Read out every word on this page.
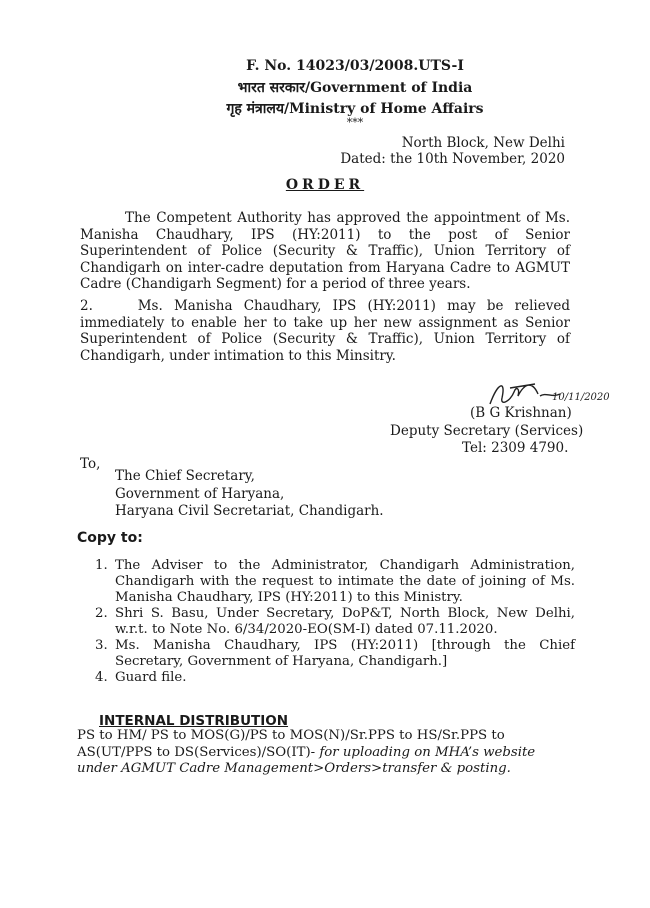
F. No. 14023/03/2008.UTS-I
भारत सरकार/Government of India
गृह मंत्रालय/Ministry of Home Affairs
***
North Block, New Delhi
Dated: the 10th November, 2020
ORDER
The Competent Authority has approved the appointment of Ms. Manisha Chaudhary, IPS (HY:2011) to the post of Senior Superintendent of Police (Security & Traffic), Union Territory of Chandigarh on inter-cadre deputation from Haryana Cadre to AGMUT Cadre (Chandigarh Segment) for a period of three years.
2.    Ms. Manisha Chaudhary, IPS (HY:2011) may be relieved immediately to enable her to take up her new assignment as Senior Superintendent of Police (Security & Traffic), Union Territory of Chandigarh, under intimation to this Minsitry.
10/11/2020
(B G Krishnan)
Deputy Secretary (Services)
Tel: 2309 4790.
To,
The Chief Secretary,
Government of Haryana,
Haryana Civil Secretariat, Chandigarh.
Copy to:
1. The Adviser to the Administrator, Chandigarh Administration, Chandigarh with the request to intimate the date of joining of Ms. Manisha Chaudhary, IPS (HY:2011) to this Ministry.
2. Shri S. Basu, Under Secretary, DoP&T, North Block, New Delhi, w.r.t. to Note No. 6/34/2020-EO(SM-I) dated 07.11.2020.
3. Ms. Manisha Chaudhary, IPS (HY:2011) [through the Chief Secretary, Government of Haryana, Chandigarh.]
4. Guard file.
INTERNAL DISTRIBUTION
PS to HM/ PS to MOS(G)/PS to MOS(N)/Sr.PPS to HS/Sr.PPS to AS(UT/PPS to DS(Services)/SO(IT)- for uploading on MHA’s website under AGMUT Cadre Management>Orders>transfer & posting.
